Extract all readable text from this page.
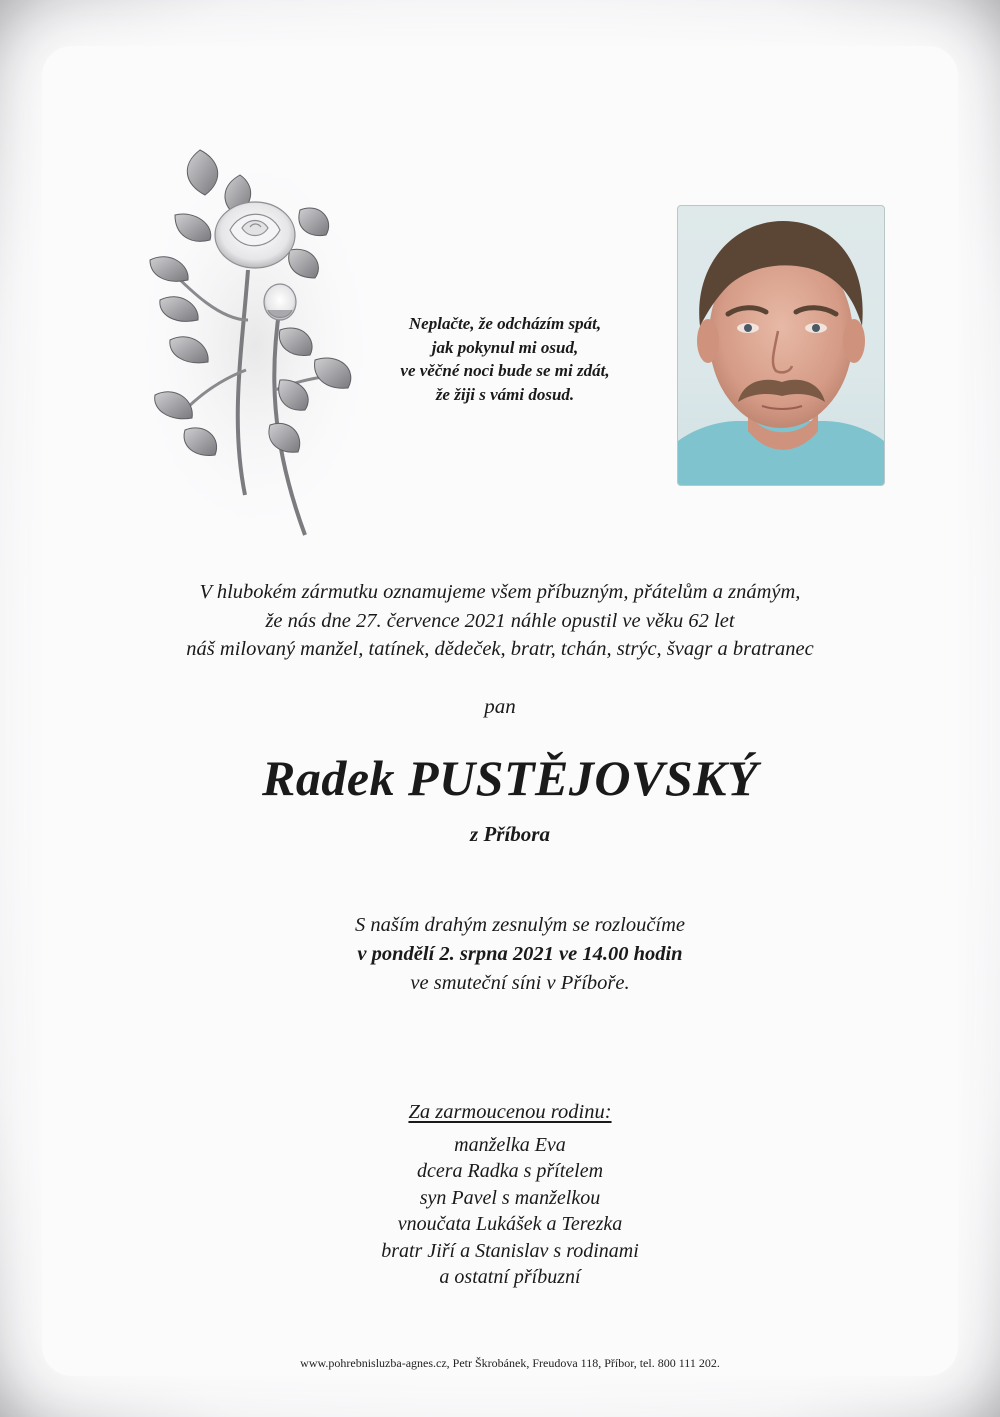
Neplačte, že odcházím spát,
jak pokynul mi osud,
ve věčné noci bude se mi zdát,
že žiji s vámi dosud.
V hlubokém zármutku oznamujeme všem příbuzným, přátelům a známým,
že nás dne 27. července 2021 náhle opustil ve věku 62 let
náš milovaný manžel, tatínek, dědeček, bratr, tchán, strýc, švagr a bratranec
pan
Radek PUSTĚJOVSKÝ
z Příbora
S naším drahým zesnulým se rozloučíme
v pondělí 2. srpna 2021 ve 14.00 hodin
ve smuteční síni v Příboře.
Za zarmoucenou rodinu:
manželka Eva
dcera Radka s přítelem
syn Pavel s manželkou
vnoučata Lukášek a Terezka
bratr Jiří a Stanislav s rodinami
a ostatní příbuzní
www.pohrebnisluzba-agnes.cz, Petr Škrobánek, Freudova 118, Příbor, tel. 800 111 202.
